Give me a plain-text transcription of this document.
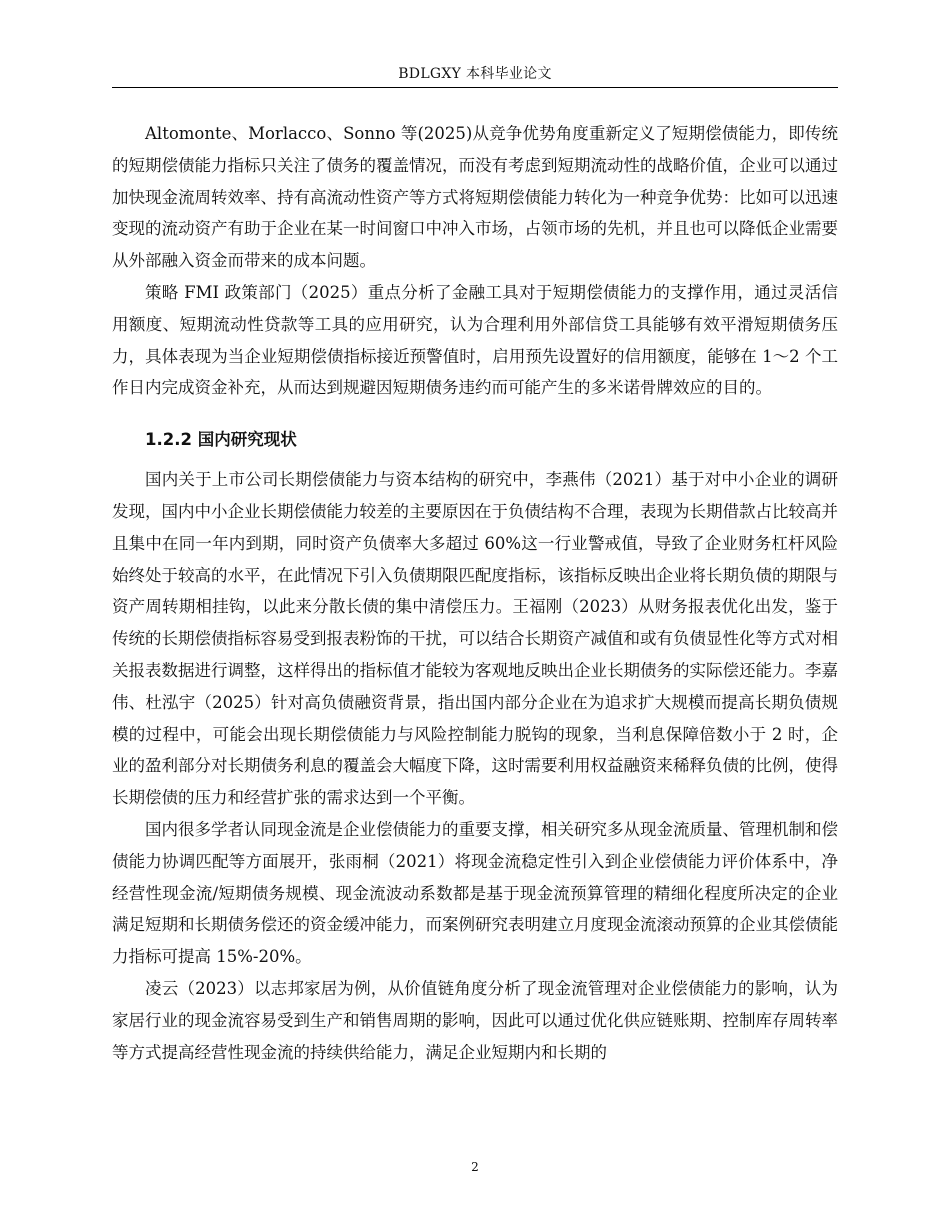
BDLGXY 本科毕业论文

Altomonte、Morlacco、Sonno 等(2025)从竞争优势角度重新定义了短期偿债能力，即传统的短期偿债能力指标只关注了债务的覆盖情况，而没有考虑到短期流动性的战略价值，企业可以通过加快现金流周转效率、持有高流动性资产等方式将短期偿债能力转化为一种竞争优势：比如可以迅速变现的流动资产有助于企业在某一时间窗口中冲入市场，占领市场的先机，并且也可以降低企业需要从外部融入资金而带来的成本问题。

策略 FMI 政策部门（2025）重点分析了金融工具对于短期偿债能力的支撑作用，通过灵活信用额度、短期流动性贷款等工具的应用研究，认为合理利用外部信贷工具能够有效平滑短期债务压力，具体表现为当企业短期偿债指标接近预警值时，启用预先设置好的信用额度，能够在 1～2 个工作日内完成资金补充，从而达到规避因短期债务违约而可能产生的多米诺骨牌效应的目的。

1.2.2 国内研究现状

国内关于上市公司长期偿债能力与资本结构的研究中，李燕伟（2021）基于对中小企业的调研发现，国内中小企业长期偿债能力较差的主要原因在于负债结构不合理，表现为长期借款占比较高并且集中在同一年内到期，同时资产负债率大多超过 60%这一行业警戒值，导致了企业财务杠杆风险始终处于较高的水平，在此情况下引入负债期限匹配度指标，该指标反映出企业将长期负债的期限与资产周转期相挂钩，以此来分散长债的集中清偿压力。王福刚（2023）从财务报表优化出发，鉴于传统的长期偿债指标容易受到报表粉饰的干扰，可以结合长期资产减值和或有负债显性化等方式对相关报表数据进行调整，这样得出的指标值才能较为客观地反映出企业长期债务的实际偿还能力。李嘉伟、杜泓宇（2025）针对高负债融资背景，指出国内部分企业在为追求扩大规模而提高长期负债规模的过程中，可能会出现长期偿债能力与风险控制能力脱钩的现象，当利息保障倍数小于 2 时，企业的盈利部分对长期债务利息的覆盖会大幅度下降，这时需要利用权益融资来稀释负债的比例，使得长期偿债的压力和经营扩张的需求达到一个平衡。

国内很多学者认同现金流是企业偿债能力的重要支撑，相关研究多从现金流质量、管理机制和偿债能力协调匹配等方面展开，张雨桐（2021）将现金流稳定性引入到企业偿债能力评价体系中，净经营性现金流/短期债务规模、现金流波动系数都是基于现金流预算管理的精细化程度所决定的企业满足短期和长期债务偿还的资金缓冲能力，而案例研究表明建立月度现金流滚动预算的企业其偿债能力指标可提高 15%-20%。

凌云（2023）以志邦家居为例，从价值链角度分析了现金流管理对企业偿债能力的影响，认为家居行业的现金流容易受到生产和销售周期的影响，因此可以通过优化供应链账期、控制库存周转率等方式提高经营性现金流的持续供给能力，满足企业短期内和长期的

2
